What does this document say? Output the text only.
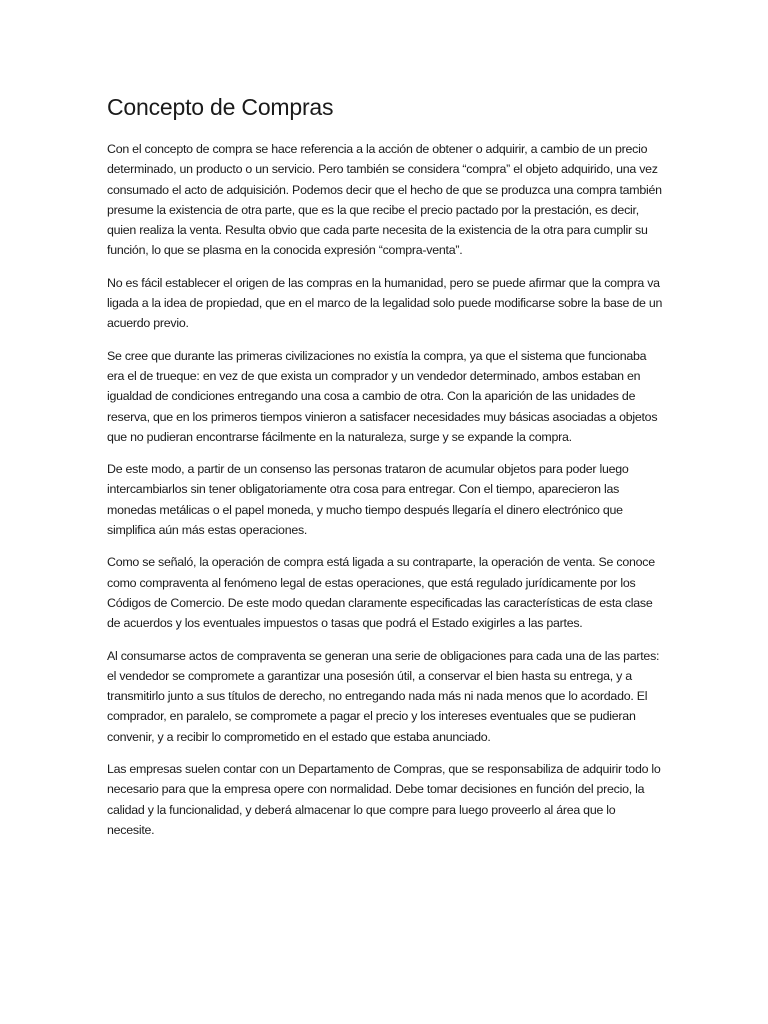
Concepto de Compras

Con el concepto de compra se hace referencia a la acción de obtener o adquirir, a cambio de un precio determinado, un producto o un servicio. Pero también se considera “compra” el objeto adquirido, una vez consumado el acto de adquisición. Podemos decir que el hecho de que se produzca una compra también presume la existencia de otra parte, que es la que recibe el precio pactado por la prestación, es decir, quien realiza la venta. Resulta obvio que cada parte necesita de la existencia de la otra para cumplir su función, lo que se plasma en la conocida expresión “compra-venta”.

No es fácil establecer el origen de las compras en la humanidad, pero se puede afirmar que la compra va ligada a la idea de propiedad, que en el marco de la legalidad solo puede modificarse sobre la base de un acuerdo previo.

Se cree que durante las primeras civilizaciones no existía la compra, ya que el sistema que funcionaba era el de trueque: en vez de que exista un comprador y un vendedor determinado, ambos estaban en igualdad de condiciones entregando una cosa a cambio de otra. Con la aparición de las unidades de reserva, que en los primeros tiempos vinieron a satisfacer necesidades muy básicas asociadas a objetos que no pudieran encontrarse fácilmente en la naturaleza, surge y se expande la compra.

De este modo, a partir de un consenso las personas trataron de acumular objetos para poder luego intercambiarlos sin tener obligatoriamente otra cosa para entregar. Con el tiempo, aparecieron las monedas metálicas o el papel moneda, y mucho tiempo después llegaría el dinero electrónico que simplifica aún más estas operaciones.

Como se señaló, la operación de compra está ligada a su contraparte, la operación de venta. Se conoce como compraventa al fenómeno legal de estas operaciones, que está regulado jurídicamente por los Códigos de Comercio. De este modo quedan claramente especificadas las características de esta clase de acuerdos y los eventuales impuestos o tasas que podrá el Estado exigirles a las partes.

Al consumarse actos de compraventa se generan una serie de obligaciones para cada una de las partes: el vendedor se compromete a garantizar una posesión útil, a conservar el bien hasta su entrega, y a transmitirlo junto a sus títulos de derecho, no entregando nada más ni nada menos que lo acordado. El comprador, en paralelo, se compromete a pagar el precio y los intereses eventuales que se pudieran convenir, y a recibir lo comprometido en el estado que estaba anunciado.

Las empresas suelen contar con un Departamento de Compras, que se responsabiliza de adquirir todo lo necesario para que la empresa opere con normalidad. Debe tomar decisiones en función del precio, la calidad y la funcionalidad, y deberá almacenar lo que compre para luego proveerlo al área que lo necesite.
